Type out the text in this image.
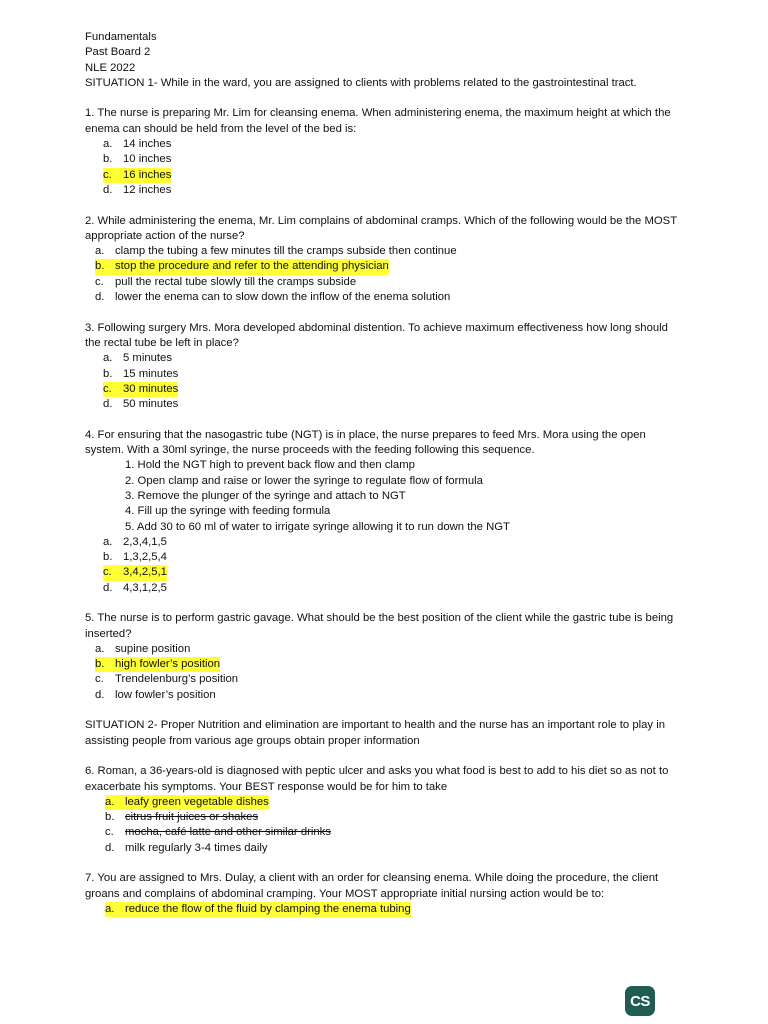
Fundamentals
Past Board 2
NLE 2022
SITUATION 1- While in the ward, you are assigned to clients with problems related to the gastrointestinal tract.
1. The nurse is preparing Mr. Lim for cleansing enema. When administering enema, the maximum height at which the enema can should be held from the level of the bed is:
a. 14 inches
b. 10 inches
c. 16 inches
d. 12 inches
2. While administering the enema, Mr. Lim complains of abdominal cramps. Which of the following would be the MOST appropriate action of the nurse?
a. clamp the tubing a few minutes till the cramps subside then continue
b. stop the procedure and refer to the attending physician
c. pull the rectal tube slowly till the cramps subside
d. lower the enema can to slow down the inflow of the enema solution
3. Following surgery Mrs. Mora developed abdominal distention. To achieve maximum effectiveness how long should the rectal tube be left in place?
a. 5 minutes
b. 15 minutes
c. 30 minutes
d. 50 minutes
4. For ensuring that the nasogastric tube (NGT) is in place, the nurse prepares to feed Mrs. Mora using the open system. With a 30ml syringe, the nurse proceeds with the feeding following this sequence.
1. Hold the NGT high to prevent back flow and then clamp
2. Open clamp and raise or lower the syringe to regulate flow of formula
3. Remove the plunger of the syringe and attach to NGT
4. Fill up the syringe with feeding formula
5. Add 30 to 60 ml of water to irrigate syringe allowing it to run down the NGT
a. 2,3,4,1,5
b. 1,3,2,5,4
c. 3,4,2,5,1
d. 4,3,1,2,5
5. The nurse is to perform gastric gavage. What should be the best position of the client while the gastric tube is being inserted?
a. supine position
b. high fowler’s position
c. Trendelenburg’s position
d. low fowler’s position
SITUATION 2- Proper Nutrition and elimination are important to health and the nurse has an important role to play in assisting people from various age groups obtain proper information
6. Roman, a 36-years-old is diagnosed with peptic ulcer and asks you what food is best to add to his diet so as not to exacerbate his symptoms. Your BEST response would be for him to take
a. leafy green vegetable dishes
b. citrus fruit juices or shakes
c. mocha, café latte and other similar drinks
d. milk regularly 3-4 times daily
7. You are assigned to Mrs. Dulay, a client with an order for cleansing enema. While doing the procedure, the client groans and complains of abdominal cramping. Your MOST appropriate initial nursing action would be to:
a. reduce the flow of the fluid by clamping the enema tubing
CS
